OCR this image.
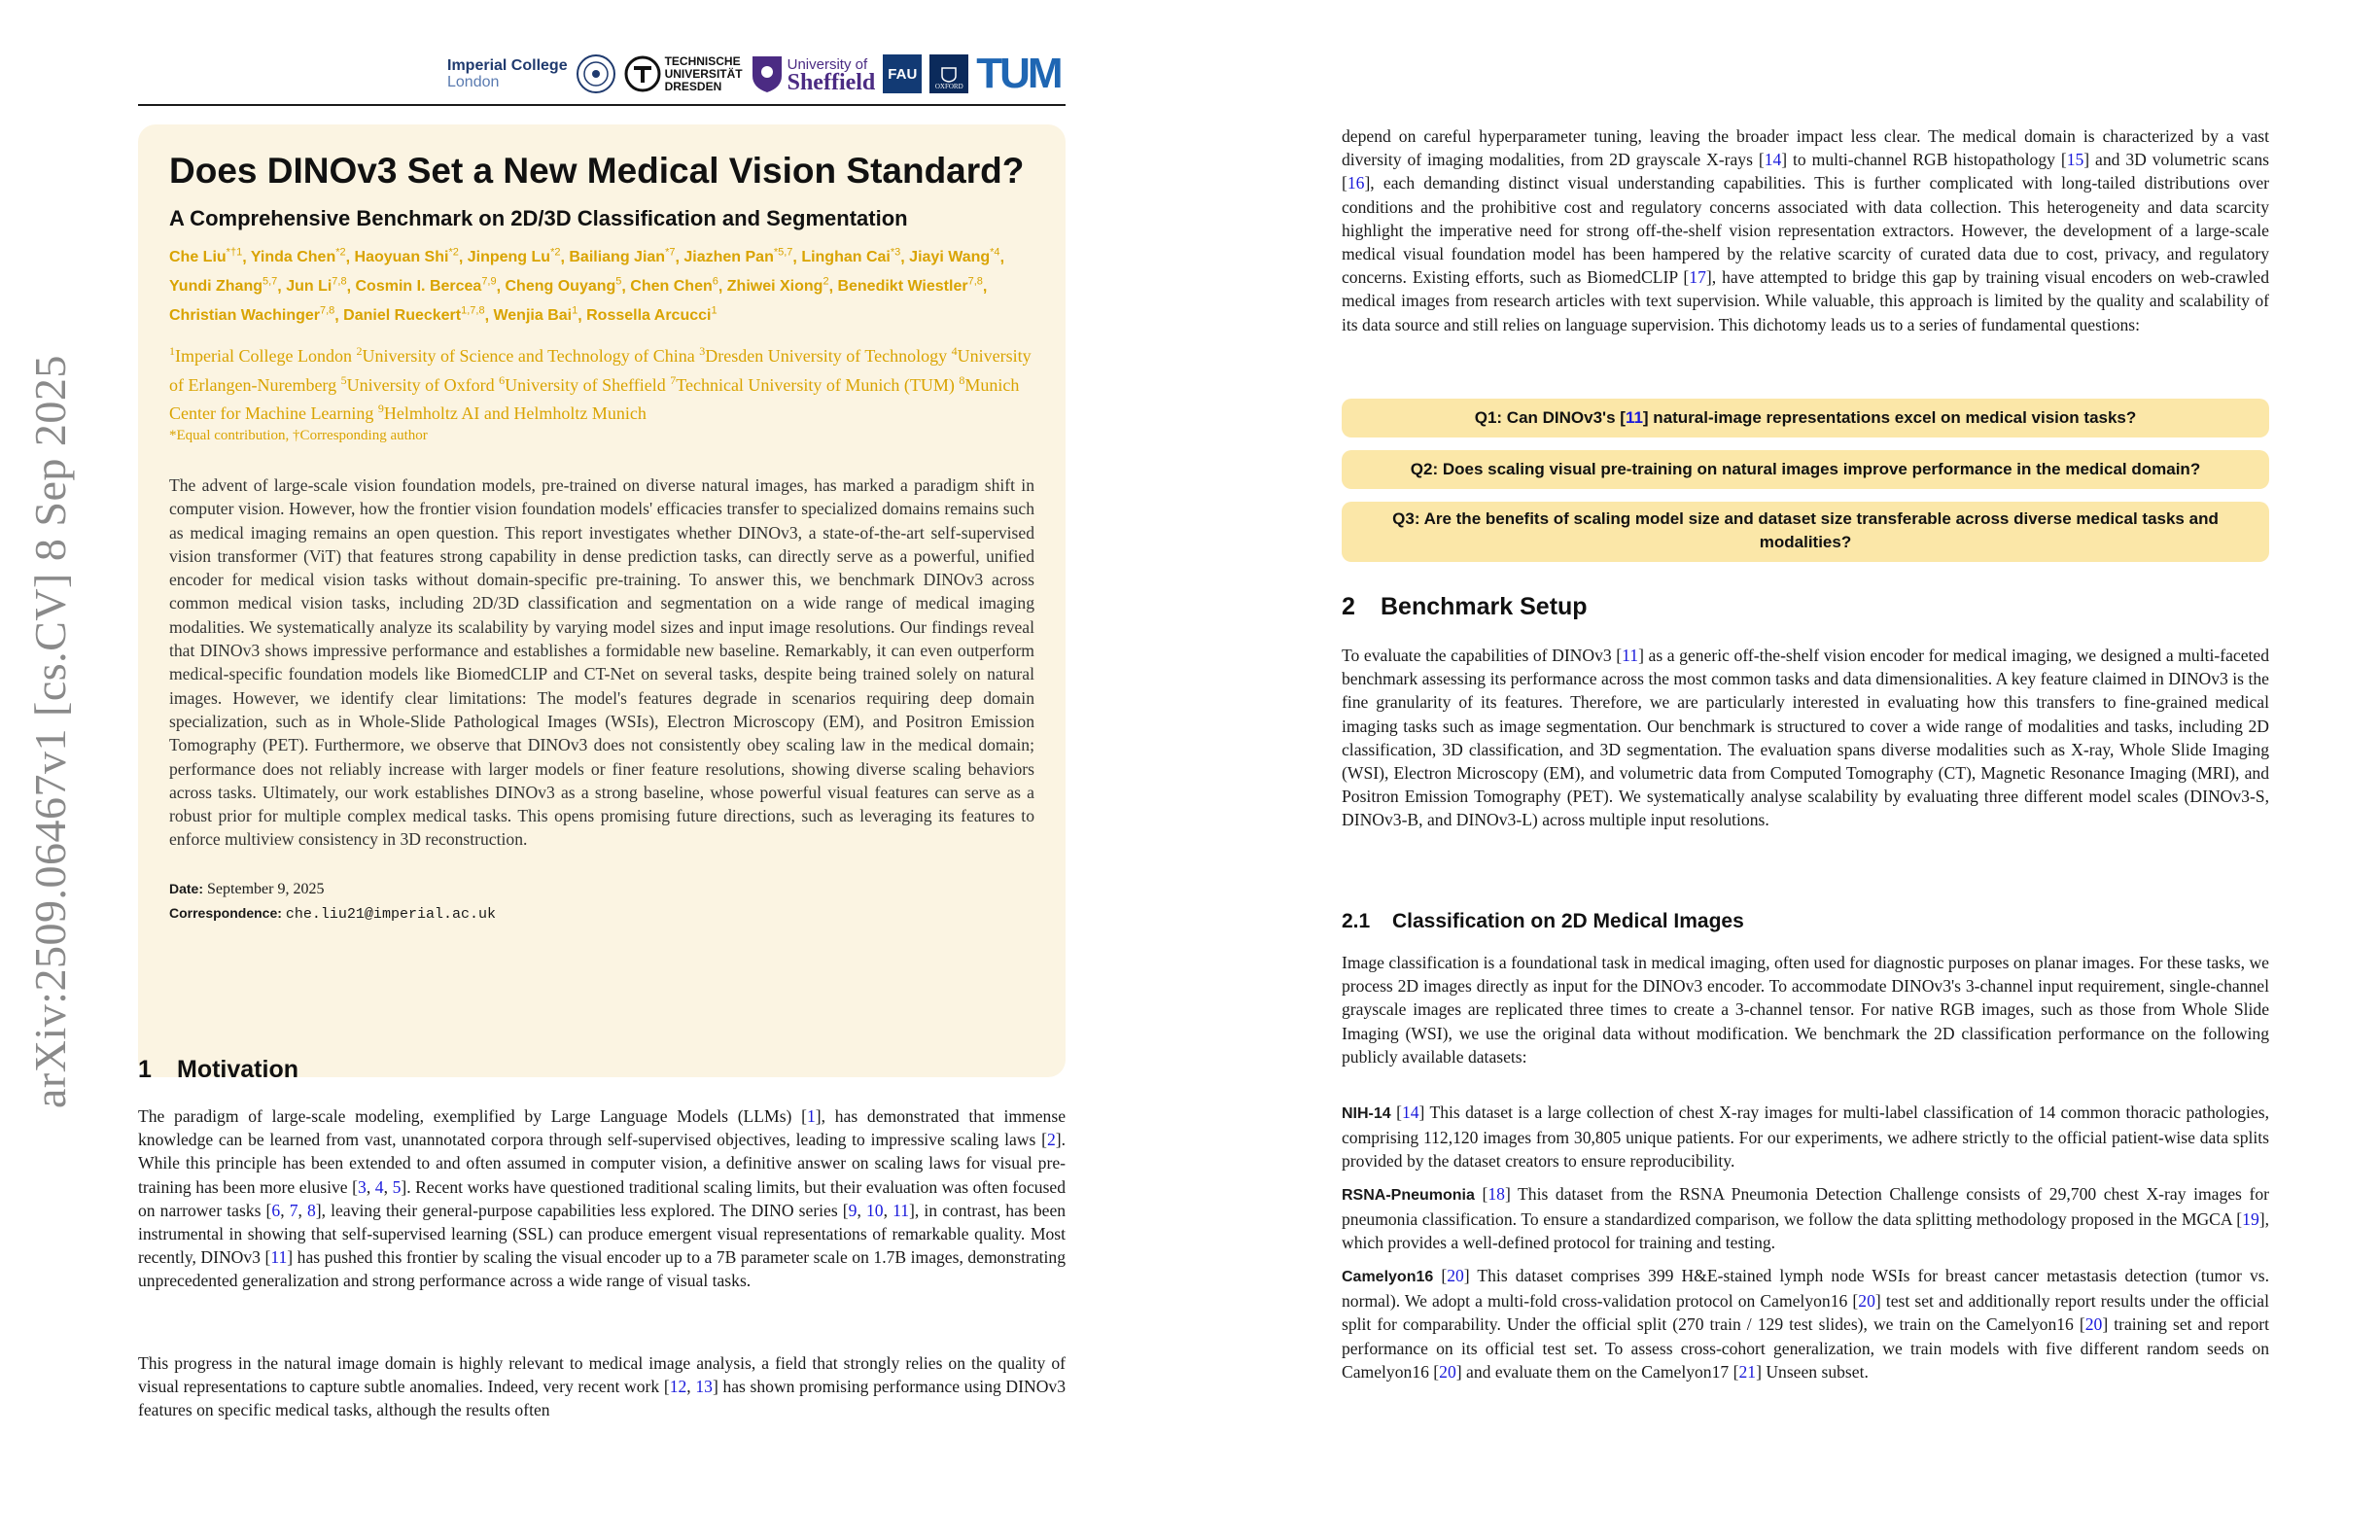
arXiv:2509.06467v1 [cs.CV] 8 Sep 2025
Imperial College
London
TECHNISCHE
UNIVERSITÄT
DRESDEN
University of
Sheffield FAU
OXFORD TUM
Does DINOv3 Set a New Medical Vision Standard?
A Comprehensive Benchmark on 2D/3D Classification and Segmentation
Che Liu$^{*\dagger 1}$, Yinda Chen$^{*2}$, Haoyuan Shi$^{*2}$, Jinpeng Lu$^{*2}$, Bailiang Jian$^{*7}$, Jiazhen Pan$^{*5,7}$, Linghan Cai$^{*3}$, Jiayi Wang$^{*4}$, Yundi Zhang$^{5,7}$, Jun Li$^{7,8}$, Cosmin I. Bercea$^{7,9}$, Cheng Ouyang$^5$, Chen Chen$^6$, Zhiwei Xiong$^2$, Benedikt Wiestler$^{7,8}$, Christian Wachinger$^{7,8}$, Daniel Rueckert$^{1,7,8}$, Wenjia Bai$^1$, Rossella Arcucci$^1$
$^1$Imperial College London $^2$University of Science and Technology of China $^3$Dresden University of Technology $^4$University of Erlangen-Nuremberg $^5$University of Oxford $^6$University of Sheffield $^7$Technical University of Munich (TUM) $^8$Munich Center for Machine Learning $^9$Helmholtz AI and Helmholtz Munich
*Equal contribution, †Corresponding author

The advent of large-scale vision foundation models, pre-trained on diverse natural images, has marked a paradigm shift in computer vision. However, how the frontier vision foundation models' efficacies transfer to specialized domains remains such as medical imaging remains an open question. This report investigates whether DINOv3, a state-of-the-art self-supervised vision transformer (ViT) that features strong capability in dense prediction tasks, can directly serve as a powerful, unified encoder for medical vision tasks without domain-specific pre-training. To answer this, we benchmark DINOv3 across common medical vision tasks, including 2D/3D classification and segmentation on a wide range of medical imaging modalities. We systematically analyze its scalability by varying model sizes and input image resolutions. Our findings reveal that DINOv3 shows impressive performance and establishes a formidable new baseline. Remarkably, it can even outperform medical-specific foundation models like BiomedCLIP and CT-Net on several tasks, despite being trained solely on natural images. However, we identify clear limitations: The model's features degrade in scenarios requiring deep domain specialization, such as in Whole-Slide Pathological Images (WSIs), Electron Microscopy (EM), and Positron Emission Tomography (PET). Furthermore, we observe that DINOv3 does not consistently obey scaling law in the medical domain; performance does not reliably increase with larger models or finer feature resolutions, showing diverse scaling behaviors across tasks. Ultimately, our work establishes DINOv3 as a strong baseline, whose powerful visual features can serve as a robust prior for multiple complex medical tasks. This opens promising future directions, such as leveraging its features to enforce multiview consistency in 3D reconstruction.

Date: September 9, 2025
Correspondence: che.liu21@imperial.ac.uk
1 Motivation

The paradigm of large-scale modeling, exemplified by Large Language Models (LLMs) [1], has demonstrated that immense knowledge can be learned from vast, unannotated corpora through self-supervised objectives, leading to impressive scaling laws [2]. While this principle has been extended to and often assumed in computer vision, a definitive answer on scaling laws for visual pre-training has been more elusive [3, 4, 5]. Recent works have questioned traditional scaling limits, but their evaluation was often focused on narrower tasks [6, 7, 8], leaving their general-purpose capabilities less explored. The DINO series [9, 10, 11], in contrast, has been instrumental in showing that self-supervised learning (SSL) can produce emergent visual representations of remarkable quality. Most recently, DINOv3 [11] has pushed this frontier by scaling the visual encoder up to a 7B parameter scale on 1.7B images, demonstrating unprecedented generalization and strong performance across a wide range of visual tasks.

This progress in the natural image domain is highly relevant to medical image analysis, a field that strongly relies on the quality of visual representations to capture subtle anomalies. Indeed, very recent work [12, 13] has shown promising performance using DINOv3 features on specific medical tasks, although the results often

depend on careful hyperparameter tuning, leaving the broader impact less clear. The medical domain is characterized by a vast diversity of imaging modalities, from 2D grayscale X-rays [14] to multi-channel RGB histopathology [15] and 3D volumetric scans [16], each demanding distinct visual understanding capabilities. This is further complicated with long-tailed distributions over conditions and the prohibitive cost and regulatory concerns associated with data collection. This heterogeneity and data scarcity highlight the imperative need for strong off-the-shelf vision representation extractors. However, the development of a large-scale medical visual foundation model has been hampered by the relative scarcity of curated data due to cost, privacy, and regulatory concerns. Existing efforts, such as BiomedCLIP [17], have attempted to bridge this gap by training visual encoders on web-crawled medical images from research articles with text supervision. While valuable, this approach is limited by the quality and scalability of its data source and still relies on language supervision. This dichotomy leads us to a series of fundamental questions:

Q1: Can DINOv3's [11] natural-image representations excel on medical vision tasks?
Q2: Does scaling visual pre-training on natural images improve performance in the medical domain?
Q3: Are the benefits of scaling model size and dataset size transferable across diverse medical tasks and modalities?
2 Benchmark Setup

To evaluate the capabilities of DINOv3 [11] as a generic off-the-shelf vision encoder for medical imaging, we designed a multi-faceted benchmark assessing its performance across the most common tasks and data dimensionalities. A key feature claimed in DINOv3 is the fine granularity of its features. Therefore, we are particularly interested in evaluating how this transfers to fine-grained medical imaging tasks such as image segmentation. Our benchmark is structured to cover a wide range of modalities and tasks, including 2D classification, 3D classification, and 3D segmentation. The evaluation spans diverse modalities such as X-ray, Whole Slide Imaging (WSI), Electron Microscopy (EM), and volumetric data from Computed Tomography (CT), Magnetic Resonance Imaging (MRI), and Positron Emission Tomography (PET). We systematically analyse scalability by evaluating three different model scales (DINOv3-S, DINOv3-B, and DINOv3-L) across multiple input resolutions.

2.1 Classification on 2D Medical Images

Image classification is a foundational task in medical imaging, often used for diagnostic purposes on planar images. For these tasks, we process 2D images directly as input for the DINOv3 encoder. To accommodate DINOv3's 3-channel input requirement, single-channel grayscale images are replicated three times to create a 3-channel tensor. For native RGB images, such as those from Whole Slide Imaging (WSI), we use the original data without modification. We benchmark the 2D classification performance on the following publicly available datasets:

NIH-14 [14] This dataset is a large collection of chest X-ray images for multi-label classification of 14 common thoracic pathologies, comprising 112,120 images from 30,805 unique patients. For our experiments, we adhere strictly to the official patient-wise data splits provided by the dataset creators to ensure reproducibility.

RSNA-Pneumonia [18] This dataset from the RSNA Pneumonia Detection Challenge consists of 29,700 chest X-ray images for pneumonia classification. To ensure a standardized comparison, we follow the data splitting methodology proposed in the MGCA [19], which provides a well-defined protocol for training and testing.

Camelyon16 [20] This dataset comprises 399 H&E-stained lymph node WSIs for breast cancer metastasis detection (tumor vs. normal). We adopt a multi-fold cross-validation protocol on Camelyon16 [20] test set and additionally report results under the official split for comparability. Under the official split (270 train / 129 test slides), we train on the Camelyon16 [20] training set and report performance on its official test set. To assess cross-cohort generalization, we train models with five different random seeds on Camelyon16 [20] and evaluate them on the Camelyon17 [21] Unseen subset.
